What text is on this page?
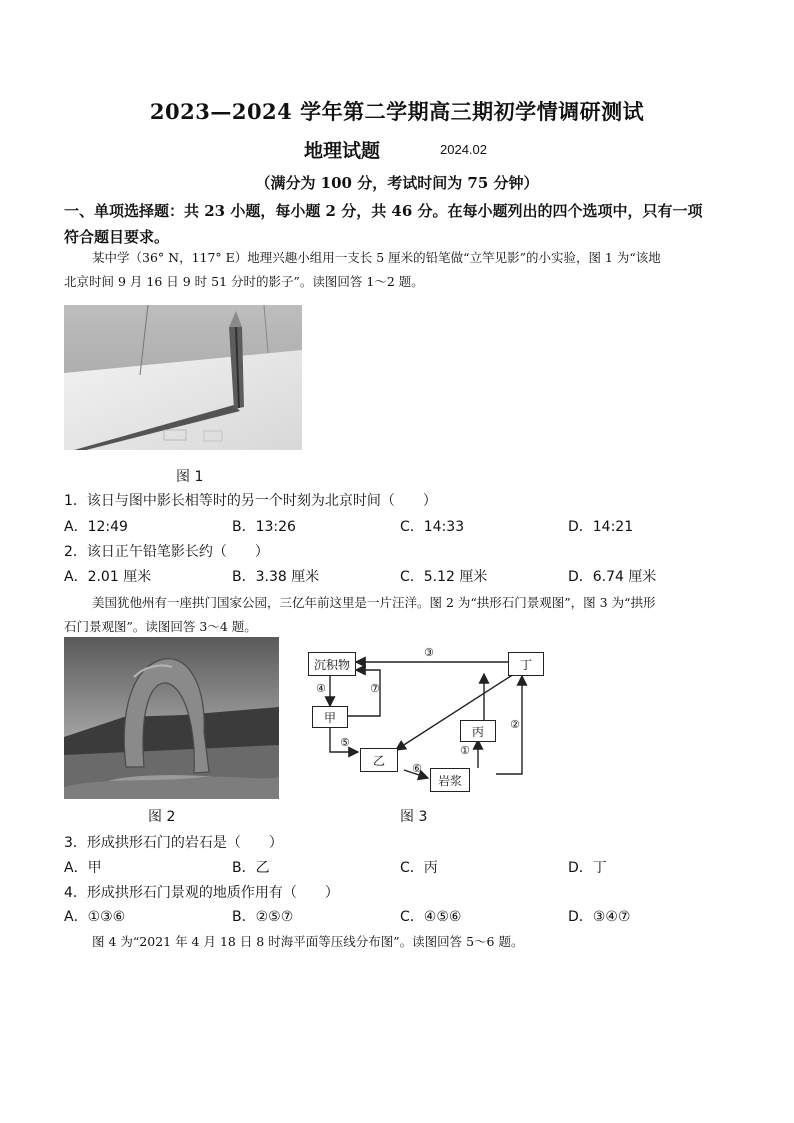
2023—2024 学年第二学期高三期初学情调研测试
地理试题	2024.02
（满分为 100 分，考试时间为 75 分钟）
一、单项选择题：共 23 小题，每小题 2 分，共 46 分。在每小题列出的四个选项中，只有一项
符合题目要求。
某中学（36° N，117° E）地理兴趣小组用一支长 5 厘米的铅笔做“立竿见影”的小实验，图 1 为“该地
北京时间 9 月 16 日 9 时 51 分时的影子”。读图回答 1～2 题。
图 1
1．该日与图中影长相等时的另一个时刻为北京时间（　　）
A．12:49	B．13:26	C．14:33	D．14:21
2．该日正午铅笔影长约（　　）
A．2.01 厘米	B．3.38 厘米	C．5.12 厘米	D．6.74 厘米
美国犹他州有一座拱门国家公园，三亿年前这里是一片汪洋。图 2 为“拱形石门景观图”，图 3 为“拱形
石门景观图”。读图回答 3～4 题。
图 2
沉积物	丁
甲
丙
乙
岩浆
③
④	⑦
⑤
⑥
①
②
图 3
3．形成拱形石门的岩石是（　　）
A．甲	B．乙	C．丙	D．丁
4．形成拱形石门景观的地质作用有（　　）
A．①③⑥	B．②⑤⑦	C．④⑤⑥	D．③④⑦
图 4 为“2021 年 4 月 18 日 8 时海平面等压线分布图”。读图回答 5～6 题。
